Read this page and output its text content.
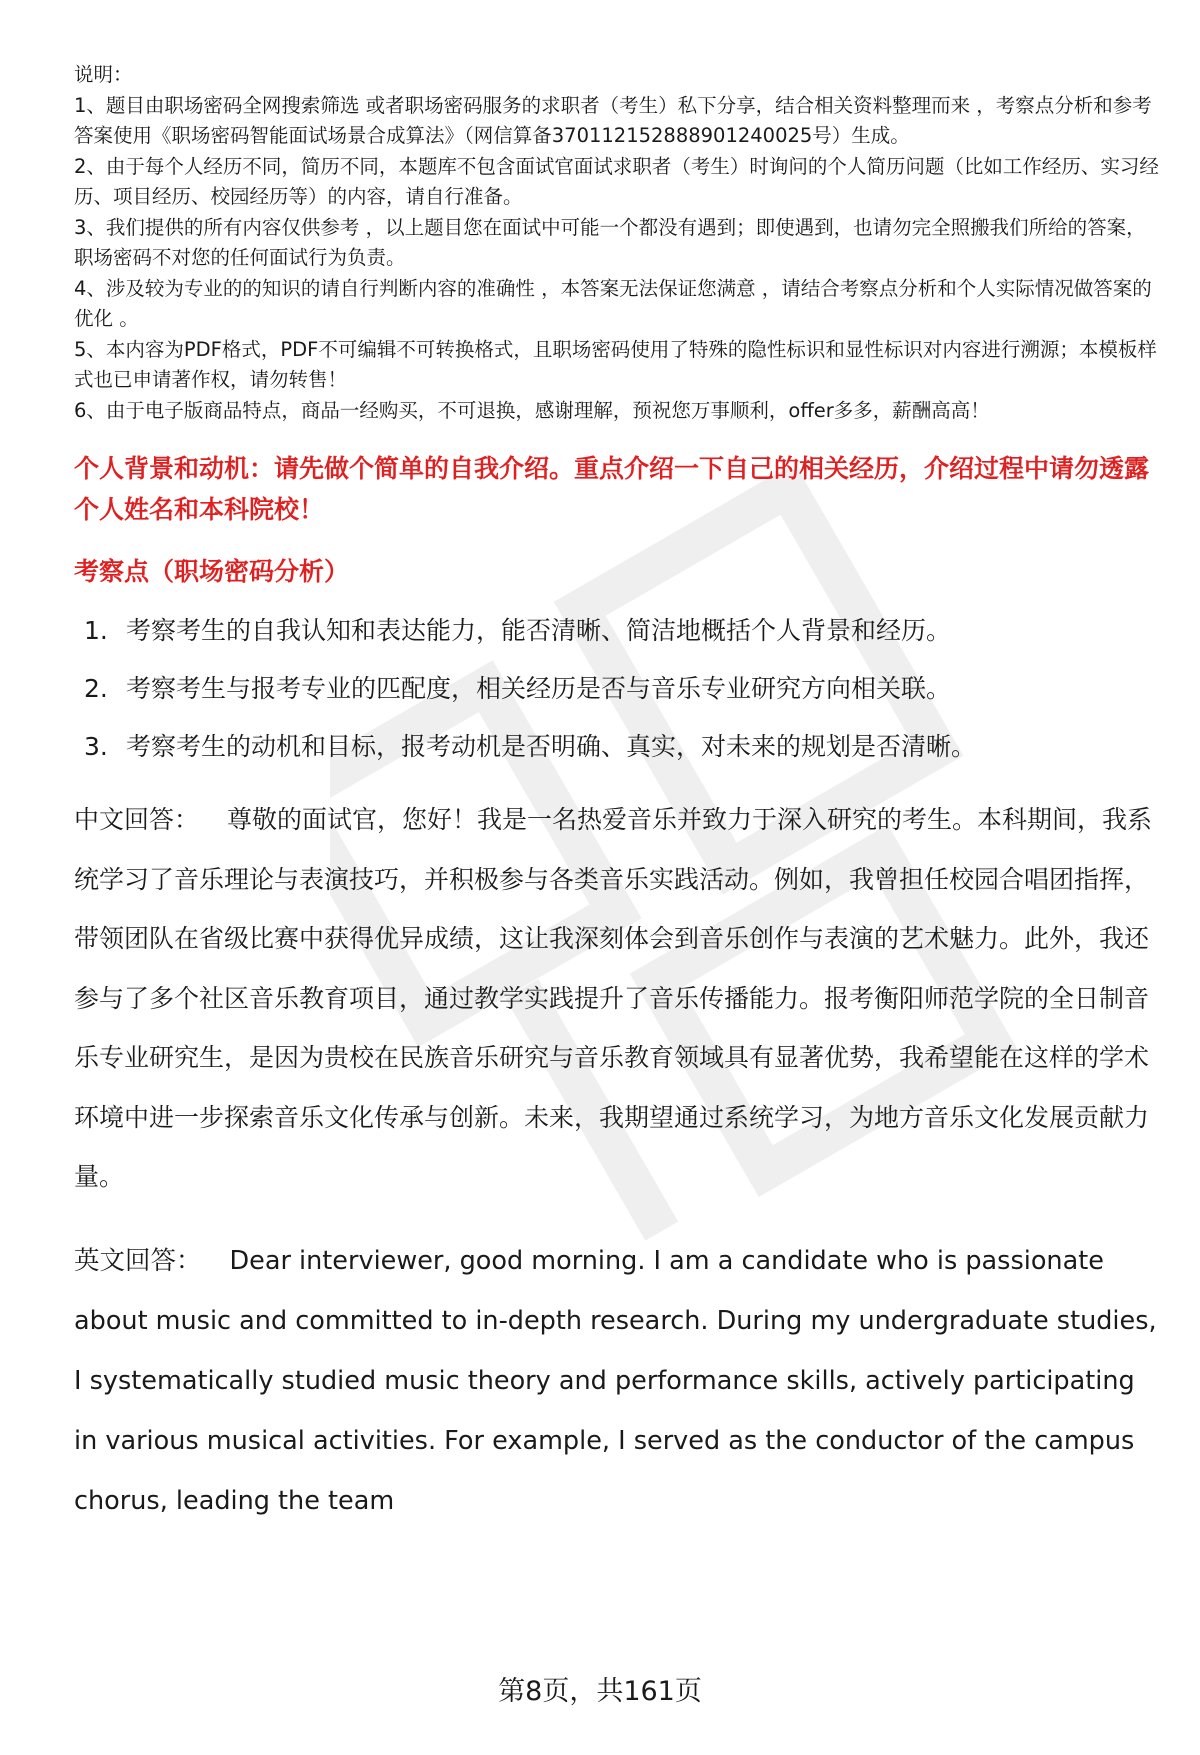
说明：

1、题目由职场密码全网搜索筛选 或者职场密码服务的求职者（考生）私下分享，结合相关资料整理而来 ，考察点分析和参考答案使用《职场密码智能面试场景合成算法》（网信算备370112152888901240025号）生成。

2、由于每个人经历不同，简历不同，本题库不包含面试官面试求职者（考生）时询问的个人简历问题（比如工作经历、实习经历、项目经历、校园经历等）的内容，请自行准备。

3、我们提供的所有内容仅供参考 ，以上题目您在面试中可能一个都没有遇到；即使遇到，也请勿完全照搬我们所给的答案，职场密码不对您的任何面试行为负责。

4、涉及较为专业的的知识的请自行判断内容的准确性 ，本答案无法保证您满意 ，请结合考察点分析和个人实际情况做答案的优化 。

5、本内容为PDF格式，PDF不可编辑不可转换格式，且职场密码使用了特殊的隐性标识和显性标识对内容进行溯源；本模板样式也已申请著作权，请勿转售！

6、由于电子版商品特点，商品一经购买，不可退换，感谢理解，预祝您万事顺利，offer多多，薪酬高高！

个人背景和动机：请先做个简单的自我介绍。重点介绍一下自己的相关经历，介绍过程中请勿透露个人姓名和本科院校！
考察点（职场密码分析）
1. 考察考生的自我认知和表达能力，能否清晰、简洁地概括个人背景和经历。
2. 考察考生与报考专业的匹配度，相关经历是否与音乐专业研究方向相关联。
3. 考察考生的动机和目标，报考动机是否明确、真实，对未来的规划是否清晰。
中文回答： 尊敬的面试官，您好！我是一名热爱音乐并致力于深入研究的考生。本科期间，我系统学习了音乐理论与表演技巧，并积极参与各类音乐实践活动。例如，我曾担任校园合唱团指挥，带领团队在省级比赛中获得优异成绩，这让我深刻体会到音乐创作与表演的艺术魅力。此外，我还参与了多个社区音乐教育项目，通过教学实践提升了音乐传播能力。报考衡阳师范学院的全日制音乐专业研究生，是因为贵校在民族音乐研究与音乐教育领域具有显著优势，我希望能在这样的学术环境中进一步探索音乐文化传承与创新。未来，我期望通过系统学习，为地方音乐文化发展贡献力量。
英文回答： Dear interviewer, good morning. I am a candidate who is passionate about music and committed to in-depth research. During my undergraduate studies, I systematically studied music theory and performance skills, actively participating in various musical activities. For example, I served as the conductor of the campus chorus, leading the team
第8页，共161页
